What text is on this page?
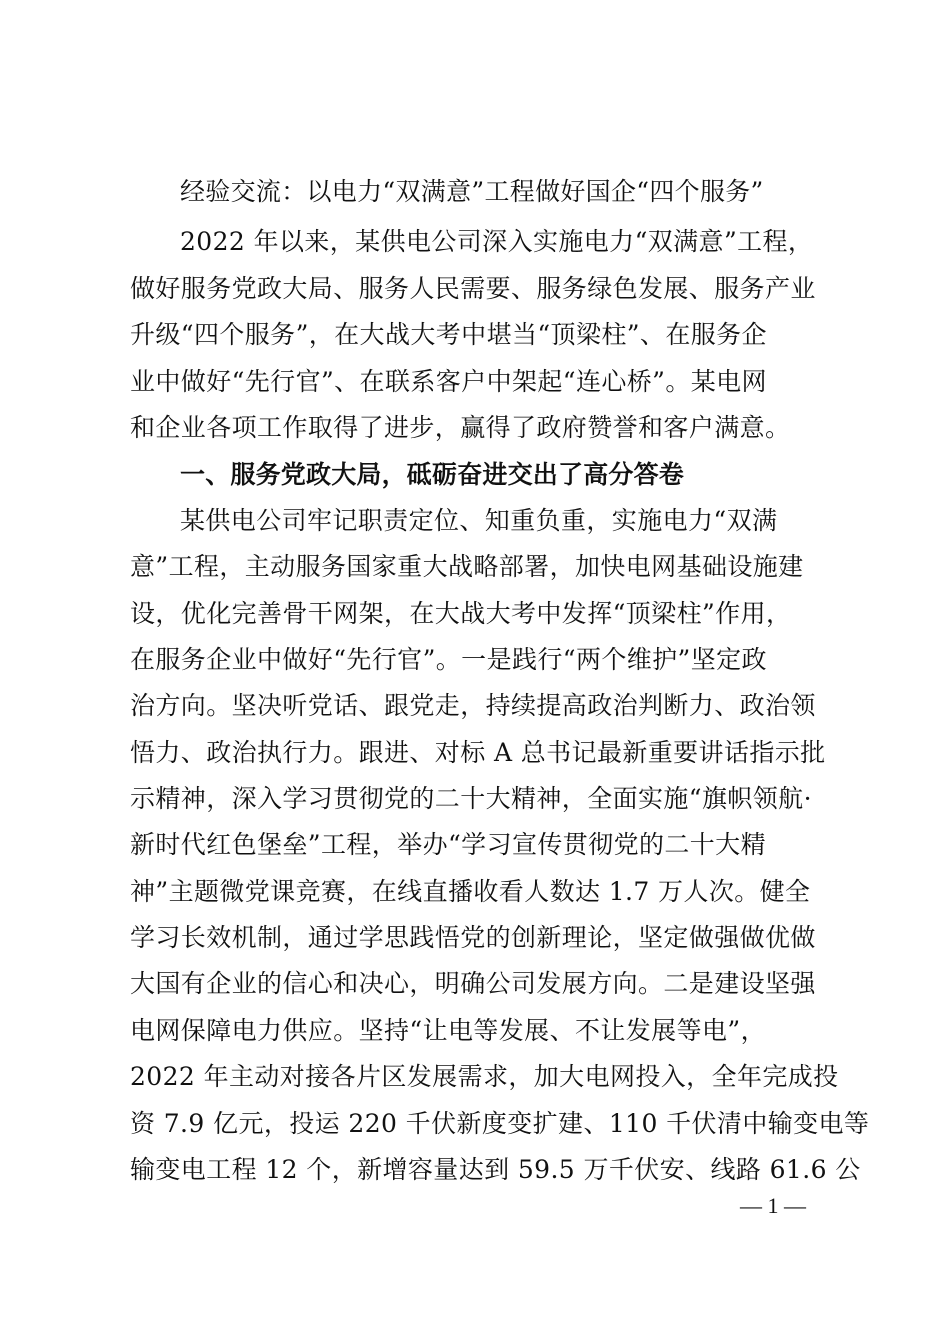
经验交流：以电力“双满意”工程做好国企“四个服务”
2022 年以来，某供电公司深入实施电力“双满意”工程，
做好服务党政大局、服务人民需要、服务绿色发展、服务产业
升级“四个服务”，在大战大考中堪当“顶梁柱”、在服务企
业中做好“先行官”、在联系客户中架起“连心桥”。某电网
和企业各项工作取得了进步，赢得了政府赞誉和客户满意。
一、服务党政大局，砥砺奋进交出了高分答卷
某供电公司牢记职责定位、知重负重，实施电力“双满
意”工程，主动服务国家重大战略部署，加快电网基础设施建
设，优化完善骨干网架，在大战大考中发挥“顶梁柱”作用，
在服务企业中做好“先行官”。一是践行“两个维护”坚定政
治方向。坚决听党话、跟党走，持续提高政治判断力、政治领
悟力、政治执行力。跟进、对标 A 总书记最新重要讲话指示批
示精神，深入学习贯彻党的二十大精神，全面实施“旗帜领航·
新时代红色堡垒”工程，举办“学习宣传贯彻党的二十大精
神”主题微党课竞赛，在线直播收看人数达 1.7 万人次。健全
学习长效机制，通过学思践悟党的创新理论，坚定做强做优做
大国有企业的信心和决心，明确公司发展方向。二是建设坚强
电网保障电力供应。坚持“让电等发展、不让发展等电”，
2022 年主动对接各片区发展需求，加大电网投入，全年完成投
资 7.9 亿元，投运 220 千伏新度变扩建、110 千伏清中输变电等
输变电工程 12 个，新增容量达到 59.5 万千伏安、线路 61.6 公
— 1 —
